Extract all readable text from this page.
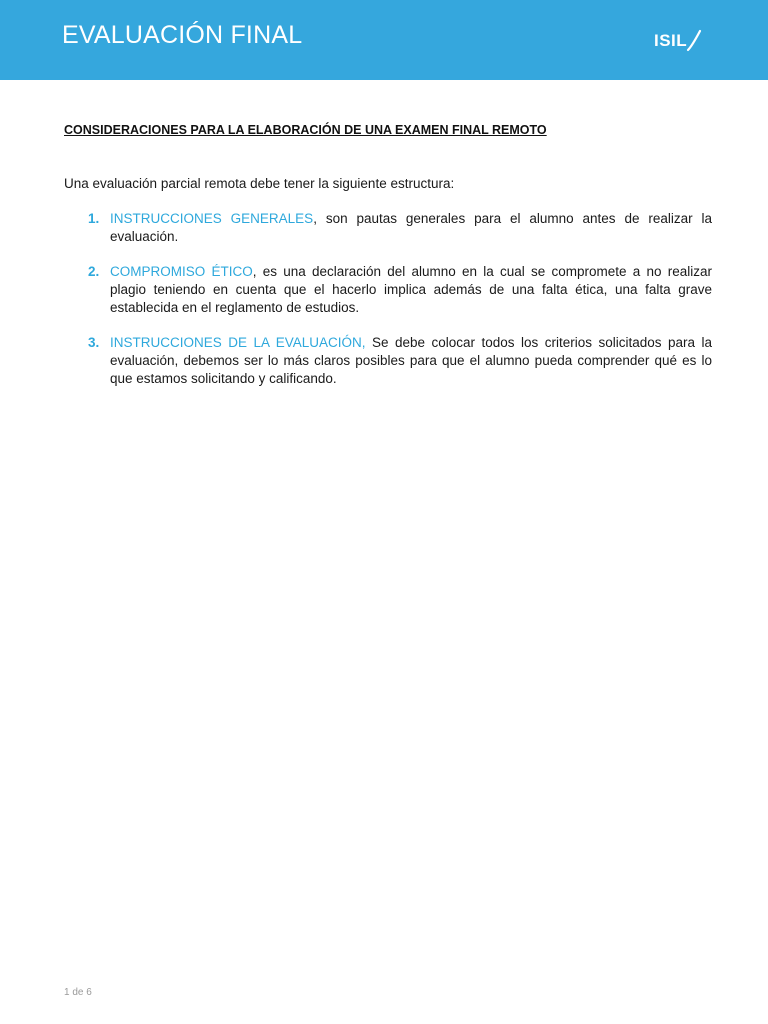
EVALUACIÓN FINAL	ISIL
CONSIDERACIONES PARA LA ELABORACIÓN DE UNA EXAMEN FINAL REMOTO

Una evaluación parcial remota debe tener la siguiente estructura:

1. INSTRUCCIONES GENERALES, son pautas generales para el alumno antes de realizar la evaluación.
2. COMPROMISO ÉTICO, es una declaración del alumno en la cual se compromete a no realizar plagio teniendo en cuenta que el hacerlo implica además de una falta ética, una falta grave establecida en el reglamento de estudios.
3. INSTRUCCIONES DE LA EVALUACIÓN, Se debe colocar todos los criterios solicitados para la evaluación, debemos ser lo más claros posibles para que el alumno pueda comprender qué es lo que estamos solicitando y calificando.
1 de 6
